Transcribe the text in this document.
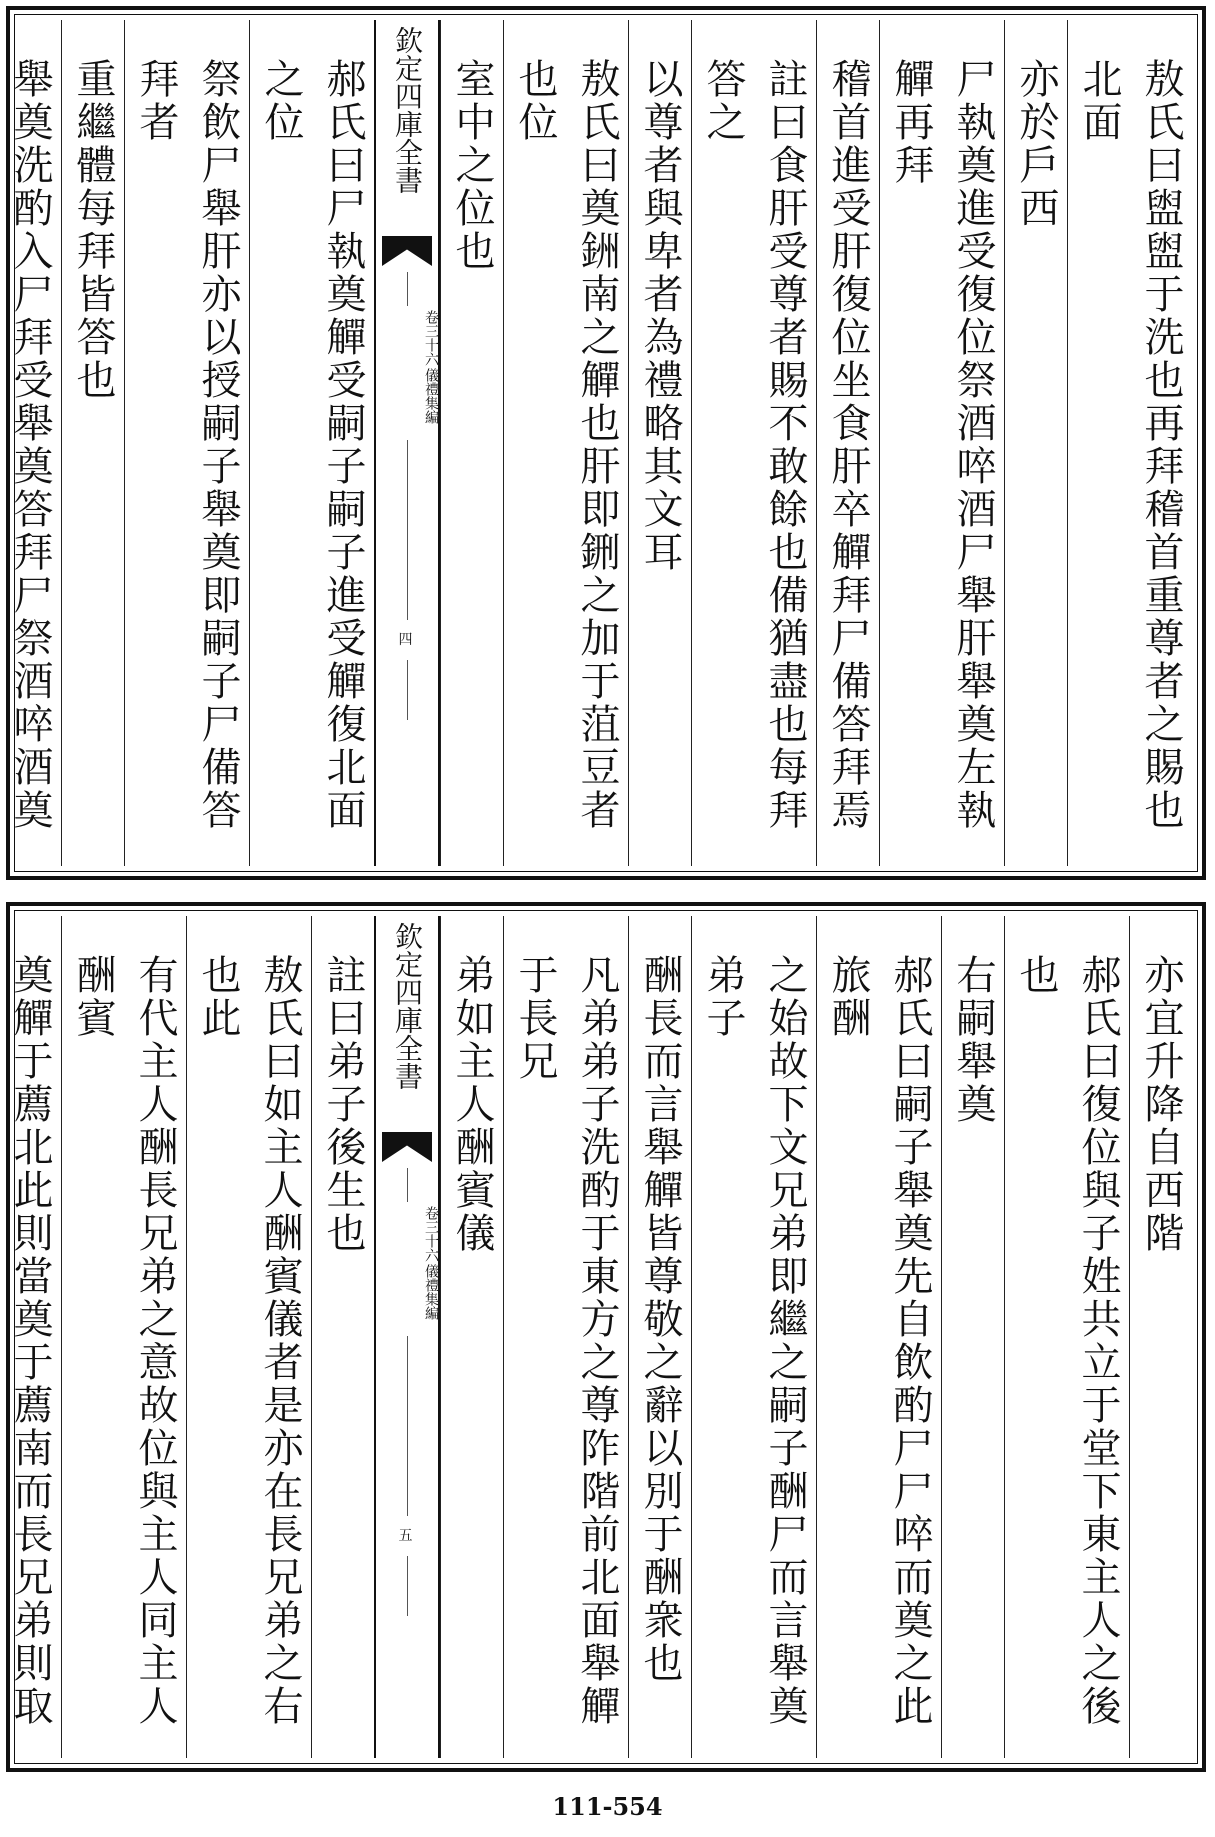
敖氏曰盥盥于洗也再拜稽首重尊者之賜也北面
亦於戶西
尸執奠進受復位祭酒啐酒尸舉肝舉奠左執觶再拜
稽首進受肝復位坐食肝卒觶拜尸備答拜焉
註曰食肝受尊者賜不敢餘也備猶盡也每拜答之
以尊者與卑者為禮略其文耳
敖氏曰奠銂南之觶也肝即鉶之加于菹豆者也位
室中之位也
欽定四庫全書
儀禮集編
卷三十六
四
郝氏曰尸執奠觶受嗣子嗣子進受觶復北面之位
祭飲尸舉肝亦以授嗣子舉奠即嗣子尸備答拜者
重繼體每拜皆答也
舉奠洗酌入尸拜受舉奠答拜尸祭酒啐酒奠
亦宜升降自西階
郝氏曰復位與子姓共立于堂下東主人之後也
右嗣舉奠
郝氏曰嗣子舉奠先自飲酌尸尸啐而奠之此旅酬
之始故下文兄弟即繼之嗣子酬尸而言舉奠弟子
酬長而言舉觶皆尊敬之辭以別于酬衆也
凡弟弟子洗酌于東方之尊阼階前北面舉觶于長兄
弟如主人酬賓儀
欽定四庫全書
儀禮集編
卷三十六
五
註曰弟子後生也
敖氏曰如主人酬賓儀者是亦在長兄弟之右也此
有代主人酬長兄弟之意故位與主人同主人酬賓
奠觶于薦北此則當奠于薦南而長兄弟則取
111-554
